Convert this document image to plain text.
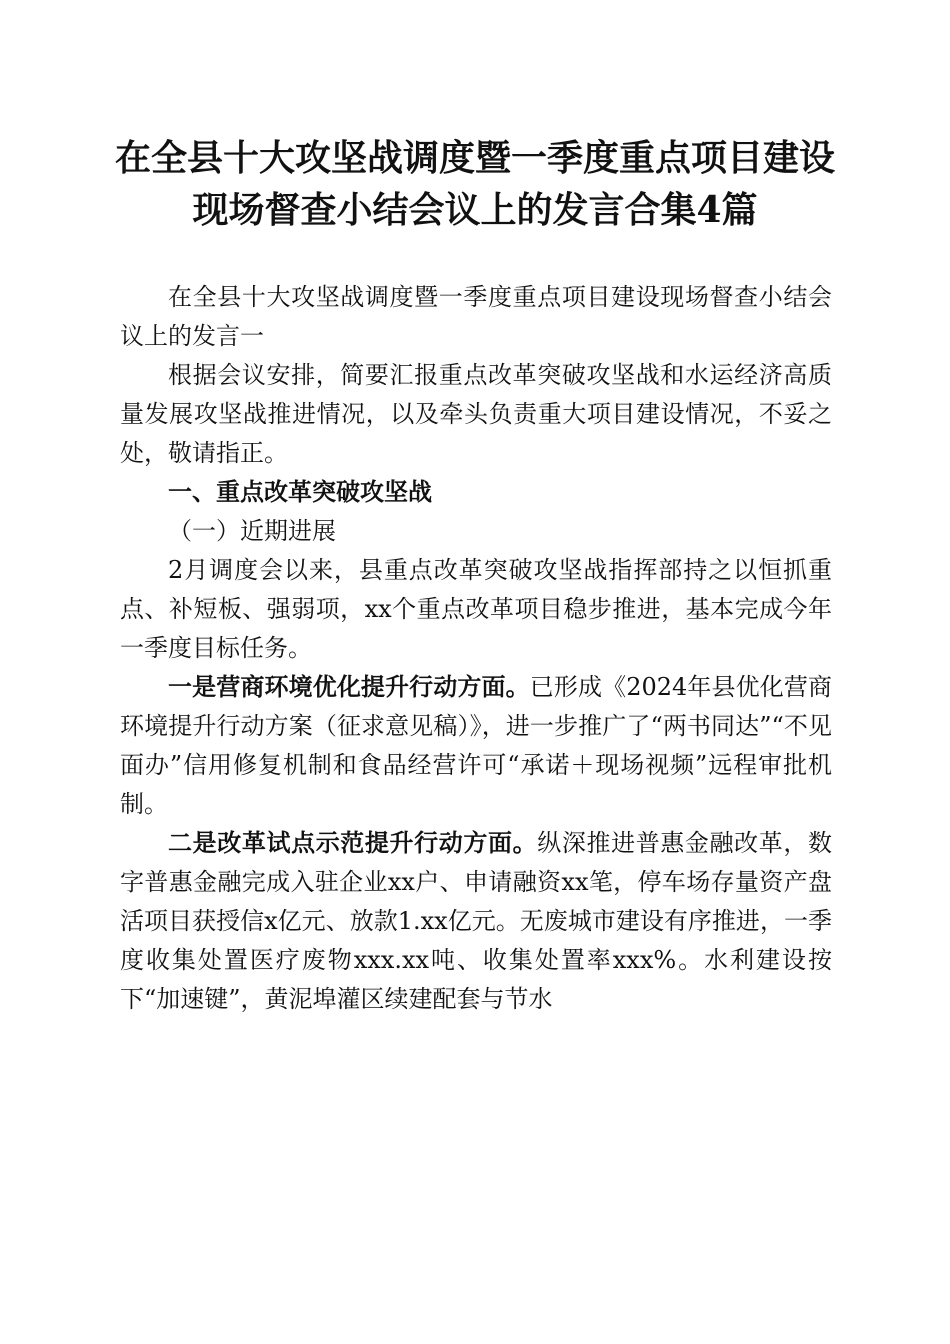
在全县十大攻坚战调度暨一季度重点项目建设
现场督查小结会议上的发言合集4篇

在全县十大攻坚战调度暨一季度重点项目建设现场督查小结会议上的发言一

根据会议安排，简要汇报重点改革突破攻坚战和水运经济高质量发展攻坚战推进情况，以及牵头负责重大项目建设情况，不妥之处，敬请指正。

一、重点改革突破攻坚战

（一）近期进展

2月调度会以来，县重点改革突破攻坚战指挥部持之以恒抓重点、补短板、强弱项，xx个重点改革项目稳步推进，基本完成今年一季度目标任务。

一是营商环境优化提升行动方面。已形成《2024年县优化营商环境提升行动方案（征求意见稿）》，进一步推广了“两书同达”“不见面办”信用修复机制和食品经营许可“承诺＋现场视频”远程审批机制。

二是改革试点示范提升行动方面。纵深推进普惠金融改革，数字普惠金融完成入驻企业xx户、申请融资xx笔，停车场存量资产盘活项目获授信x亿元、放款1.xx亿元。无废城市建设有序推进，一季度收集处置医疗废物xxx.xx吨、收集处置率xxx%。水利建设按下“加速键”，黄泥埠灌区续建配套与节水
